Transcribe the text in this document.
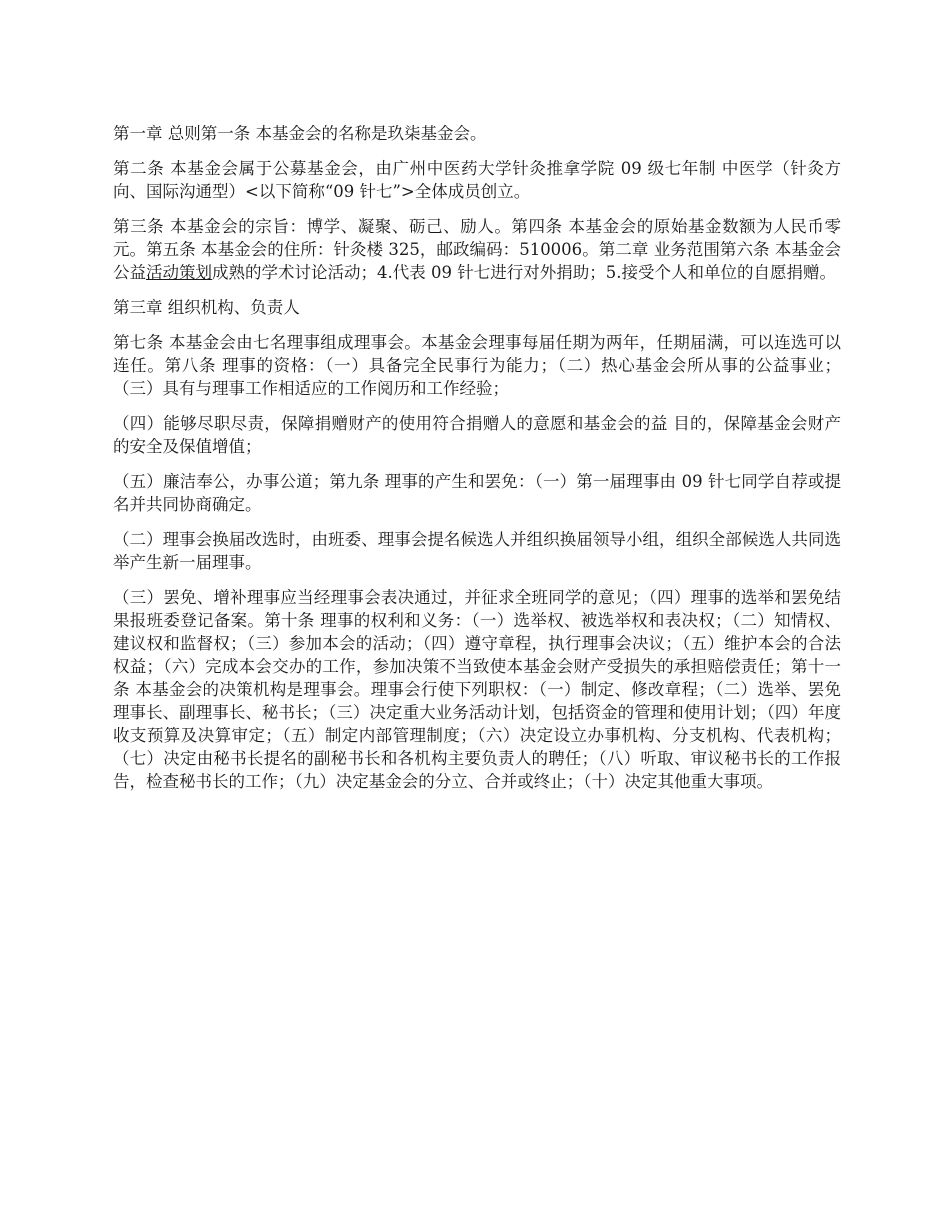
第一章 总则第一条 本基金会的名称是玖柒基金会。

第二条 本基金会属于公募基金会，由广州中医药大学针灸推拿学院 09 级七年制 中医学（针灸方向、国际沟通型）<以下简称“09 针七”>全体成员创立。

第三条 本基金会的宗旨：博学、凝聚、砺己、励人。第四条 本基金会的原始基金数额为人民币零元。第五条 本基金会的住所：针灸楼 325，邮政编码：510006。第二章 业务范围第六条 本基金会公益活动策划成熟的学术讨论活动；4.代表 09 针七进行对外捐助；5.接受个人和单位的自愿捐赠。

第三章 组织机构、负责人

第七条 本基金会由七名理事组成理事会。本基金会理事每届任期为两年，任期届满，可以连选可以连任。第八条 理事的资格：（一）具备完全民事行为能力；（二）热心基金会所从事的公益事业；（三）具有与理事工作相适应的工作阅历和工作经验；

（四）能够尽职尽责，保障捐赠财产的使用符合捐赠人的意愿和基金会的益 目的，保障基金会财产的安全及保值增值；

（五）廉洁奉公，办事公道；第九条 理事的产生和罢免：（一）第一届理事由 09 针七同学自荐或提名并共同协商确定。

（二）理事会换届改选时，由班委、理事会提名候选人并组织换届领导小组，组织全部候选人共同选举产生新一届理事。

（三）罢免、增补理事应当经理事会表决通过，并征求全班同学的意见；（四）理事的选举和罢免结果报班委登记备案。第十条 理事的权利和义务：（一）选举权、被选举权和表决权；（二）知情权、建议权和监督权；（三）参加本会的活动；（四）遵守章程，执行理事会决议；（五）维护本会的合法权益；（六）完成本会交办的工作，参加决策不当致使本基金会财产受损失的承担赔偿责任；第十一条 本基金会的决策机构是理事会。理事会行使下列职权：（一）制定、修改章程；（二）选举、罢免理事长、副理事长、秘书长；（三）决定重大业务活动计划，包括资金的管理和使用计划；（四）年度收支预算及决算审定；（五）制定内部管理制度；（六）决定设立办事机构、分支机构、代表机构；（七）决定由秘书长提名的副秘书长和各机构主要负责人的聘任；（八）听取、审议秘书长的工作报告，检查秘书长的工作；（九）决定基金会的分立、合并或终止；（十）决定其他重大事项。
